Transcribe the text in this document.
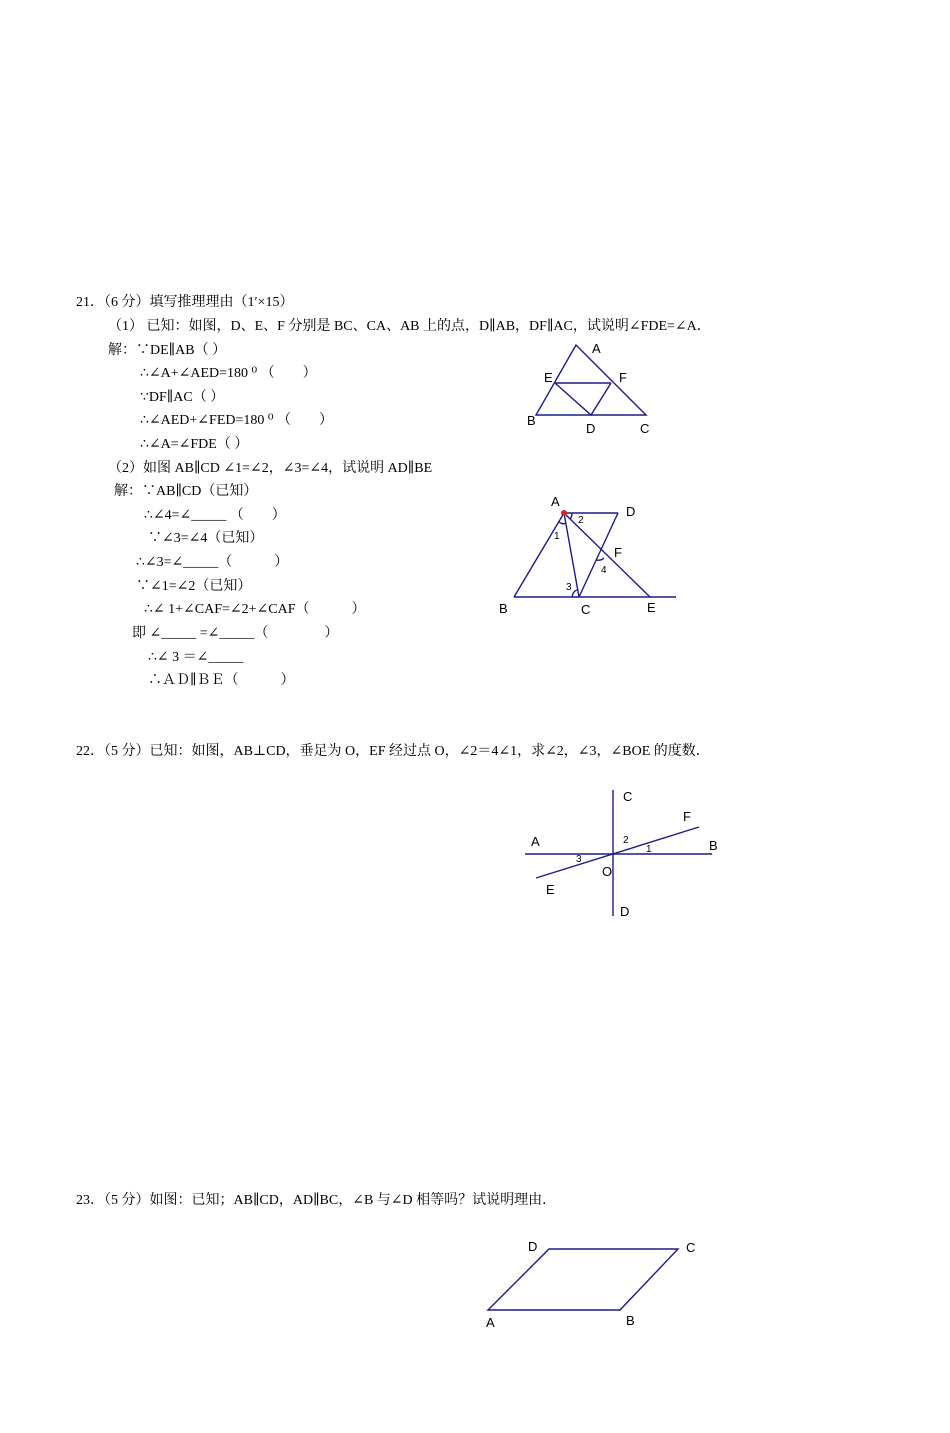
21．（6 分）填写推理理由（1′×15）
（1） 已知：如图，D、E、F 分别是 BC、CA、AB 上的点，D∥AB，DF∥AC，试说明∠FDE=∠A．
解：∵DE∥AB（ ）
∴∠A+∠AED=180 ⁰ （　　）
∵DF∥AC（ ）
∴∠AED+∠FED=180 ⁰ （　　）
∴∠A=∠FDE（ ）
（2）如图 AB∥CD ∠1=∠2，∠3=∠4，试说明 AD∥BE
解：∵AB∥CD（已知）
∴∠4=∠_____ （　　）
∵∠3=∠4（已知）
∴∠3=∠_____（　　　）
∵∠1=∠2（已知）
∴∠ 1+∠CAF=∠2+∠CAF（　　　）
即 ∠_____ =∠_____（　　　　）
∴∠ 3 ＝∠_____
∴ＡＤ∥ＢＥ（　　　）
A
E	F
B
D	C
A
D
F
B	C	E
1
2
3
4
22．（5 分）已知：如图，AB⊥CD，垂足为 O，EF 经过点 O，∠2＝4∠1，求∠2，∠3，∠BOE 的度数．
C
F
A	B
O
E
D
2
1
3
23．（5 分）如图：已知；AB∥CD，AD∥BC，∠B 与∠D 相等吗？试说明理由．
D	C
A	B
